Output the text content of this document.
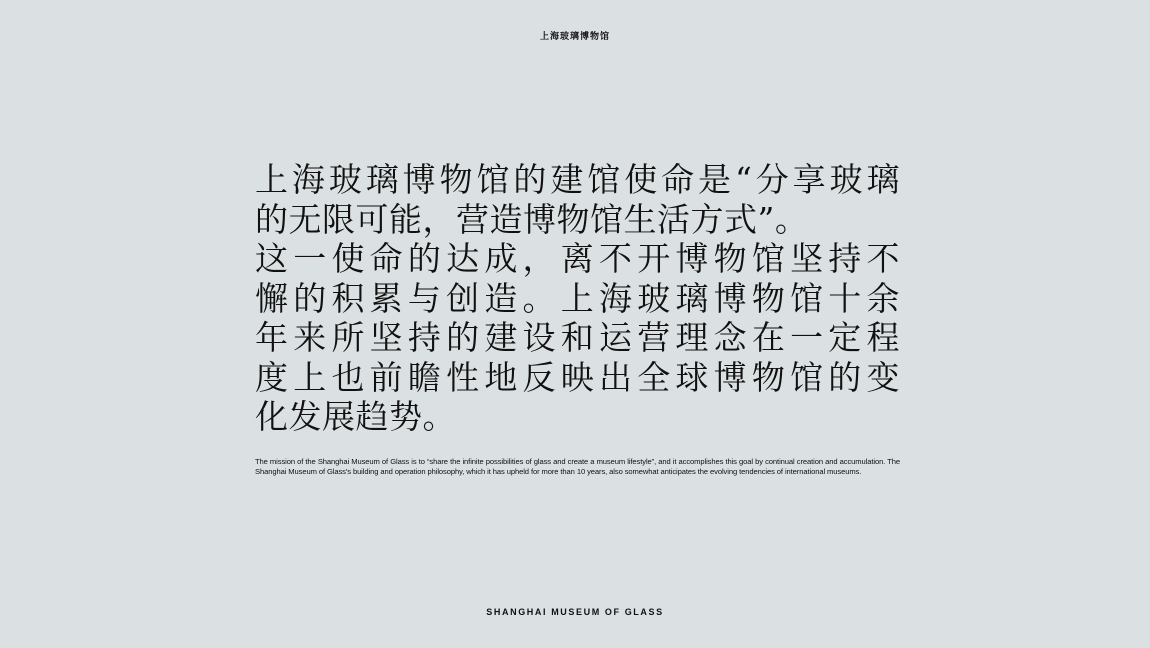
上海玻璃博物馆
上海玻璃博物馆的建馆使命是“分享玻璃
的无限可能，营造博物馆生活方式”。
这一使命的达成，离不开博物馆坚持不
懈的积累与创造。上海玻璃博物馆十余
年来所坚持的建设和运营理念在一定程
度上也前瞻性地反映出全球博物馆的变
化发展趋势。

The mission of the Shanghai Museum of Glass is to “share the infinite possibilities of glass and create a museum lifestyle”, and it accomplishes this goal by continual creation and accumulation. The Shanghai Museum of Glass's building and operation philosophy, which it has upheld for more than 10 years, also somewhat anticipates the evolving tendencies of international museums.

SHANGHAI MUSEUM OF GLASS
